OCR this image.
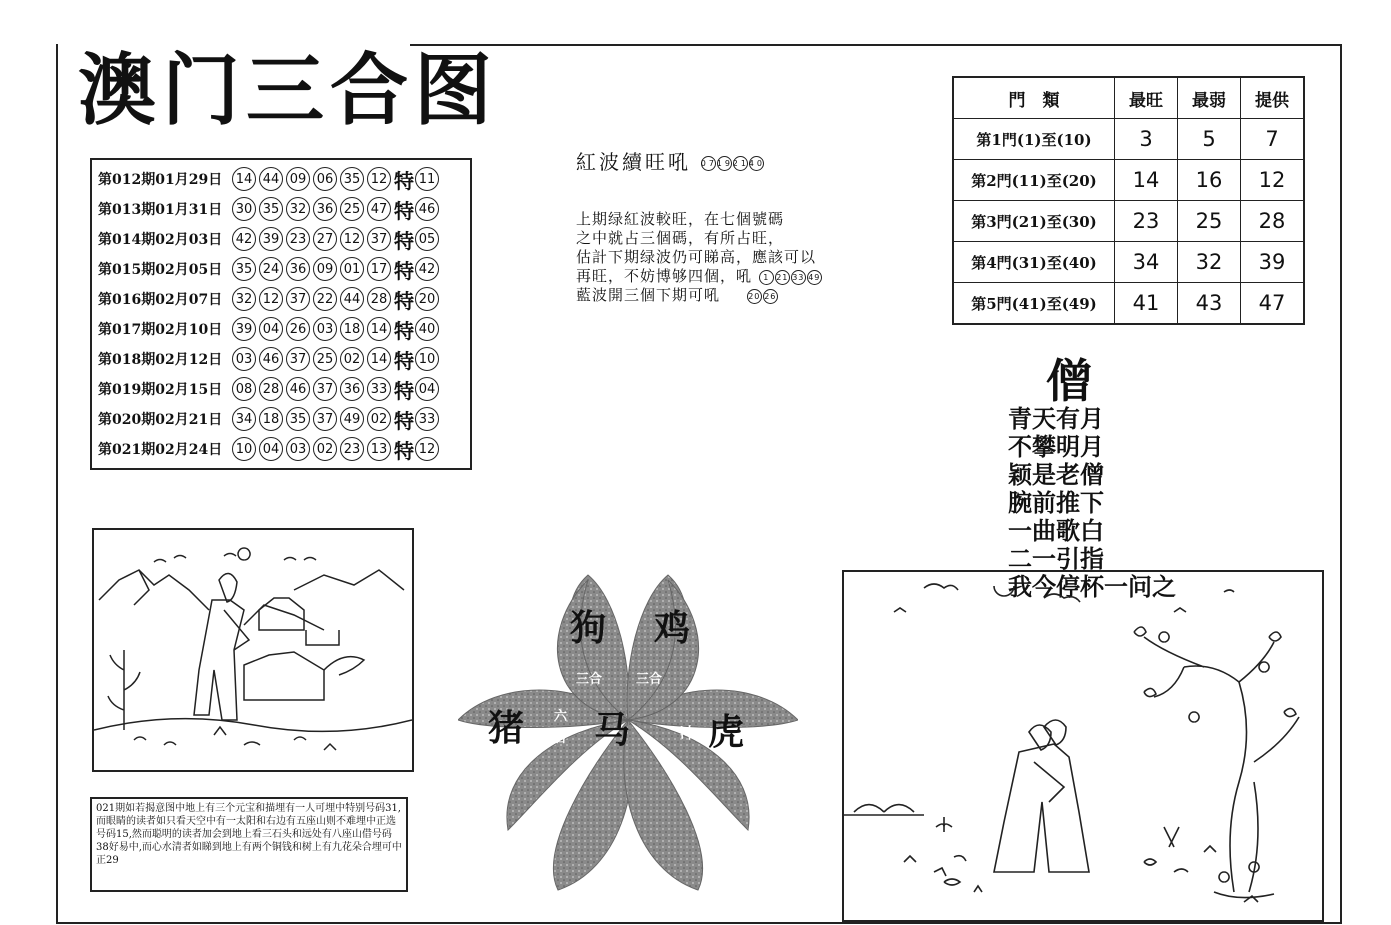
澳门三合图
第012期01月29日	14 44 09 06 35 12 特 11
第013期01月31日	30 35 32 36 25 47 特 46
第014期02月03日	42 39 23 27 12 37 特 05
第015期02月05日	35 24 36 09 01 17 特 42
第016期02月07日	32 12 37 22 44 28 特 20
第017期02月10日	39 04 26 03 18 14 特 40
第018期02月12日	03 46 37 25 02 14 特 10
第019期02月15日	08 28 46 37 36 33 特 04
第020期02月21日	34 18 35 37 49 02 特 33
第021期02月24日	10 04 03 02 23 13 特 12
紅波續旺吼 07192140
上期绿紅波較旺，在七個號碼
之中就占三個碼，有所占旺，
估計下期绿波仍可睇高，應該可以
再旺，不妨博够四個，吼 1 21 33 49
藍波開三個下期可吼	20 26
門　類	最旺	最弱	提供
第1門(1)至(10)	3	5	7
第2門(11)至(20)	14	16	12
第3門(21)至(30)	23	25	28
第4門(31)至(40)	34	32	39
第5門(41)至(49)	41	43	47
僧
青天有月
不攀明月
颖是老僧
腕前推下
一曲歌白
二一引指
我今停杯一问之
021期如若揭意图中地上有三个元宝和描埋有一人可埋中特别号码31,而眼睛的读者如只看天空中有一太阳和右边有五座山则不难埋中正选号码15,然而聪明的读者加会到地上看三石头和远处有八座山借号码38好易中,而心水清者如睇到地上有两个铜钱和树上有九花朵合埋可中正29
狗 鸡
猪 马 虎
三合	三合
六合	冲
